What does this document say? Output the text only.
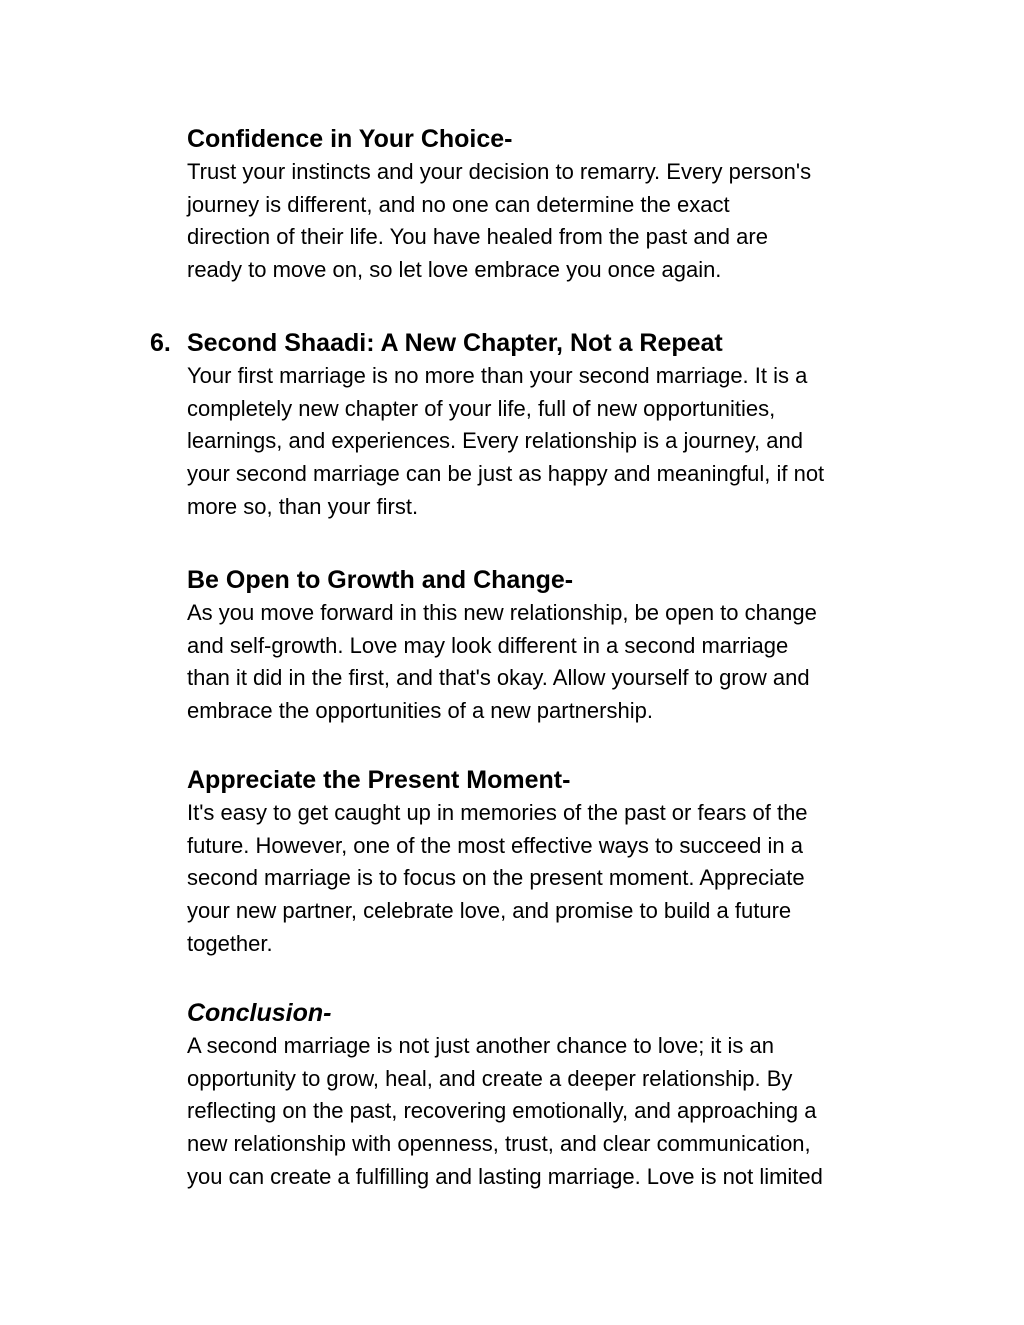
Confidence in Your Choice-
Trust your instincts and your decision to remarry. Every person's
journey is different, and no one can determine the exact
direction of their life. You have healed from the past and are
ready to move on, so let love embrace you once again.
6. Second Shaadi: A New Chapter, Not a Repeat
Your first marriage is no more than your second marriage. It is a
completely new chapter of your life, full of new opportunities,
learnings, and experiences. Every relationship is a journey, and
your second marriage can be just as happy and meaningful, if not
more so, than your first.
Be Open to Growth and Change-
As you move forward in this new relationship, be open to change
and self-growth. Love may look different in a second marriage
than it did in the first, and that's okay. Allow yourself to grow and
embrace the opportunities of a new partnership.
Appreciate the Present Moment-
It's easy to get caught up in memories of the past or fears of the
future. However, one of the most effective ways to succeed in a
second marriage is to focus on the present moment. Appreciate
your new partner, celebrate love, and promise to build a future
together.
Conclusion-
A second marriage is not just another chance to love; it is an
opportunity to grow, heal, and create a deeper relationship. By
reflecting on the past, recovering emotionally, and approaching a
new relationship with openness, trust, and clear communication,
you can create a fulfilling and lasting marriage. Love is not limited
